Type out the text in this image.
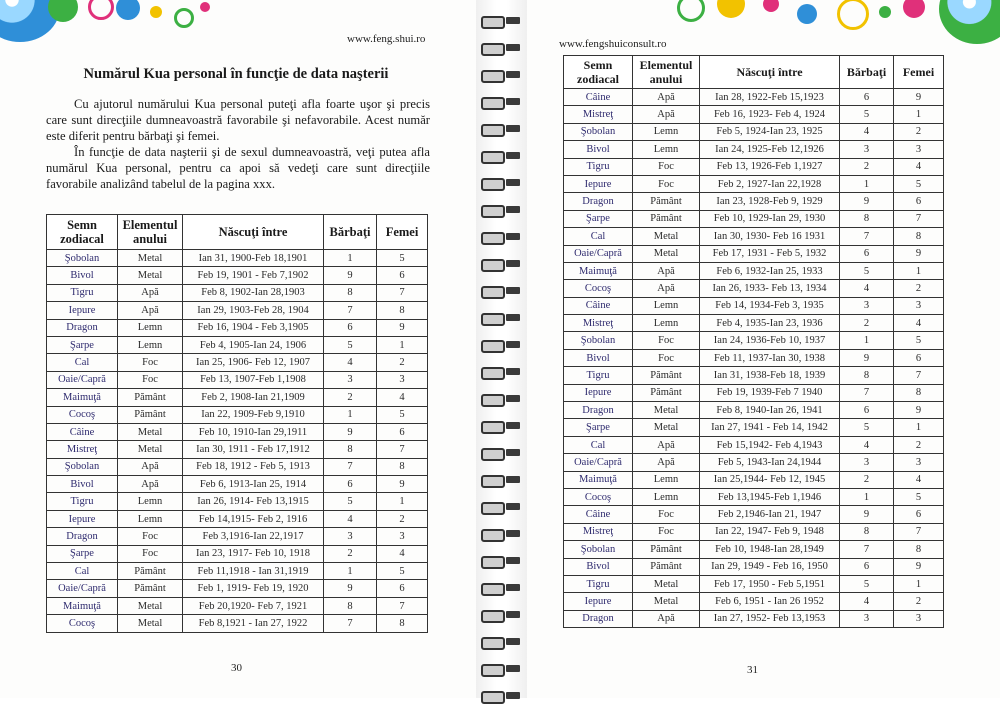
www.feng.shui.ro
Numărul Kua personal în funcţie de data naşterii

Cu ajutorul numărului Kua personal puteţi afla foarte uşor şi precis care sunt direcţiile dumneavoastră favorabile şi nefavorabile. Acest număr este diferit pentru bărbaţi şi femei.

În funcţie de data naşterii şi de sexul dumneavoastră, veţi putea afla numărul Kua personal, pentru ca apoi să vedeţi care sunt direcţiile favorabile analizând tabelul de la pagina xxx.

Semn zodiacal	Elementul anului	Născuţi între	Bărbaţi	Femei
Şobolan	Metal	Ian 31, 1900-Feb 18,1901	1	5
Bivol	Metal	Feb 19, 1901 - Feb 7,1902	9	6
Tigru	Apă	Feb 8, 1902-Ian 28,1903	8	7
Iepure	Apă	Ian 29, 1903-Feb 28, 1904	7	8
Dragon	Lemn	Feb 16, 1904 - Feb 3,1905	6	9
Şarpe	Lemn	Feb 4, 1905-Ian 24, 1906	5	1
Cal	Foc	Ian 25, 1906- Feb 12, 1907	4	2
Oaie/Capră	Foc	Feb 13, 1907-Feb 1,1908	3	3
Maimuţă	Pământ	Feb 2, 1908-Ian 21,1909	2	4
Cocoş	Pământ	Ian 22, 1909-Feb 9,1910	1	5
Câine	Metal	Feb 10, 1910-Ian 29,1911	9	6
Mistreţ	Metal	Ian 30, 1911 - Feb 17,1912	8	7
Şobolan	Apă	Feb 18, 1912 - Feb 5, 1913	7	8
Bivol	Apă	Feb 6, 1913-Ian 25, 1914	6	9
Tigru	Lemn	Ian 26, 1914- Feb 13,1915	5	1
Iepure	Lemn	Feb 14,1915- Feb 2, 1916	4	2
Dragon	Foc	Feb 3,1916-Ian 22,1917	3	3
Şarpe	Foc	Ian 23, 1917- Feb 10, 1918	2	4
Cal	Pământ	Feb 11,1918 - Ian 31,1919	1	5
Oaie/Capră	Pământ	Feb 1, 1919- Feb 19, 1920	9	6
Maimuţă	Metal	Feb 20,1920- Feb 7, 1921	8	7
Cocoş	Metal	Feb 8,1921 - Ian 27, 1922	7	8
30
www.fengshuiconsult.ro
31
Semn zodiacal	Elementul anului	Născuţi între	Bărbaţi	Femei
Câine	Apă	Ian 28, 1922-Feb 15,1923	6	9
Mistreţ	Apă	Feb 16, 1923- Feb 4, 1924	5	1
Şobolan	Lemn	Feb 5, 1924-Ian 23, 1925	4	2
Bivol	Lemn	Ian 24, 1925-Feb 12,1926	3	3
Tigru	Foc	Feb 13, 1926-Feb 1,1927	2	4
Iepure	Foc	Feb 2, 1927-Ian 22,1928	1	5
Dragon	Pământ	Ian 23, 1928-Feb 9, 1929	9	6
Şarpe	Pământ	Feb 10, 1929-Ian 29, 1930	8	7
Cal	Metal	Ian 30, 1930- Feb 16 1931	7	8
Oaie/Capră	Metal	Feb 17, 1931 - Feb 5, 1932	6	9
Maimuţă	Apă	Feb 6, 1932-Ian 25, 1933	5	1
Cocoş	Apă	Ian 26, 1933- Feb 13, 1934	4	2
Câine	Lemn	Feb 14, 1934-Feb 3, 1935	3	3
Mistreţ	Lemn	Feb 4, 1935-Ian 23, 1936	2	4
Şobolan	Foc	Ian 24, 1936-Feb 10, 1937	1	5
Bivol	Foc	Feb 11, 1937-Ian 30, 1938	9	6
Tigru	Pământ	Ian 31, 1938-Feb 18, 1939	8	7
Iepure	Pământ	Feb 19, 1939-Feb 7 1940	7	8
Dragon	Metal	Feb 8, 1940-Ian 26, 1941	6	9
Şarpe	Metal	Ian 27, 1941 - Feb 14, 1942	5	1
Cal	Apă	Feb 15,1942- Feb 4,1943	4	2
Oaie/Capră	Apă	Feb 5, 1943-Ian 24,1944	3	3
Maimuţă	Lemn	Ian 25,1944- Feb 12, 1945	2	4
Cocoş	Lemn	Feb 13,1945-Feb 1,1946	1	5
Câine	Foc	Feb 2,1946-Ian 21, 1947	9	6
Mistreţ	Foc	Ian 22, 1947- Feb 9, 1948	8	7
Şobolan	Pământ	Feb 10, 1948-Ian 28,1949	7	8
Bivol	Pământ	Ian 29, 1949 - Feb 16, 1950	6	9
Tigru	Metal	Feb 17, 1950 - Feb 5,1951	5	1
Iepure	Metal	Feb 6, 1951 - Ian 26 1952	4	2
Dragon	Apă	Ian 27, 1952- Feb 13,1953	3	3
